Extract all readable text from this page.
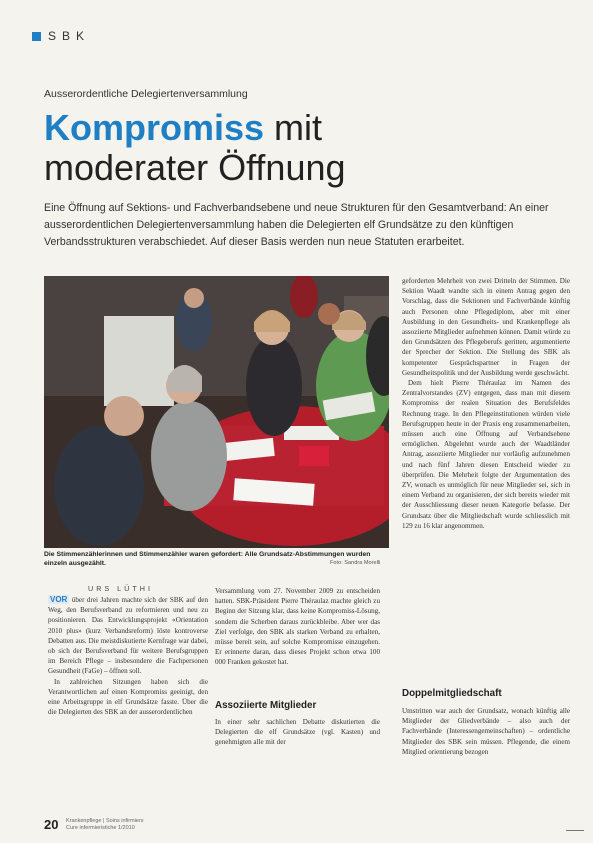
SBK
Ausserordentliche Delegiertenversammlung
Kompromiss mit
moderater Öffnung
Eine Öffnung auf Sektions- und Fachverbandsebene und neue Strukturen für den Gesamtverband: An einer ausserordentlichen Delegiertenversammlung haben die Delegierten elf Grundsätze zu den künftigen Verbandsstrukturen verabschiedet. Auf dieser Basis werden nun neue Statuten erarbeitet.
Die Stimmenzählerinnen und Stimmenzähler waren gefordert: Alle Grundsatz-Abstimmungen wurden einzeln ausgezählt.	Foto: Sandra Morelli
URS LÜTHI

VOR über drei Jahren machte sich der SBK auf den Weg, den Berufsverband zu reformieren und neu zu positionieren. Das Entwicklungsprojekt «Orientation 2010 plus» (kurz Verbandsreform) löste kontroverse Debatten aus. Die meistdiskutierte Kernfrage war dabei, ob sich der Berufsverband für weitere Berufsgruppen im Bereich Pflege – insbesondere die Fachpersonen Gesundheit (FaGe) – öffnen soll.

In zahlreichen Sitzungen haben sich die Verantwortlichen auf einen Kompromiss geeinigt, den eine Arbeitsgruppe in elf Grundsätze fasste. Über die die Delegierten des SBK an der ausserordentlichen

Versammlung vom 27. November 2009 zu entscheiden hatten. SBK-Präsident Pierre Théraulaz machte gleich zu Beginn der Sitzung klar, dass keine Kompromiss-Lösung, sondern die Scherben daraus zurückbleibe. Aber wer das Ziel verfolge, den SBK als starken Verband zu erhalten, müsse bereit sein, auf solche Kompromisse einzugehen. Er erinnerte daran, dass dieses Projekt schon etwa 100 000 Franken gekostet hat.
Assoziierte Mitglieder
In einer sehr sachlichen Debatte diskutierten die Delegierten die elf Grundsätze (vgl. Kasten) und genehmigten alle mit der

geforderten Mehrheit von zwei Dritteln der Stimmen. Die Sektion Waadt wandte sich in einem Antrag gegen den Vorschlag, dass die Sektionen und Fachverbände künftig auch Personen ohne Pflegediplom, aber mit einer Ausbildung in den Gesundheits- und Krankenpflege als assoziierte Mitglieder aufnehmen können. Damit würde zu den Grundsätzen des Pflegeberufs geritten, argumentierte der Sprecher der Sektion. Die Stellung des SBK als kompetenter Gesprächspartner in Fragen der Gesundheitspolitik und der Ausbildung werde geschwächt.

Dem hielt Pierre Théraulaz im Namen des Zentralvorstandes (ZV) entgegen, dass man mit diesem Kompromiss der realen Situation des Berufsfeldes Rechnung trage. In den Pflegeinstitutionen würden viele Berufsgruppen heute in der Praxis eng zusammenarbeiten, müssen auch eine Öffnung auf Verbandsebene ermöglichen. Abgelehnt wurde auch der Waadtländer Antrag, assoziierte Mitglieder nur vorläufig aufzunehmen und nach fünf Jahren diesen Entscheid wieder zu überprüfen. Die Mehrheit folgte der Argumentation des ZV, wonach es unmöglich für neue Mitglieder sei, sich in einem Verband zu organisieren, der sich bereits wieder mit der Ausschliessung dieser neuen Kategorie befasse. Der Grundsatz über die Mitgliedschaft wurde schliesslich mit 129 zu 16 klar angenommen.

Doppelmitgliedschaft
Umstritten war auch der Grundsatz, wonach künftig alle Mitglieder der Gliedverbände – also auch der Fachverbände (Interessengemeinschaften) – ordentliche Mitglieder des SBK sein müssen. Pflegende, die einem Mitglied orientierung bezogen
20 Krankenpflege | Soins infirmiers
Cure infermieristiche 1/2010
